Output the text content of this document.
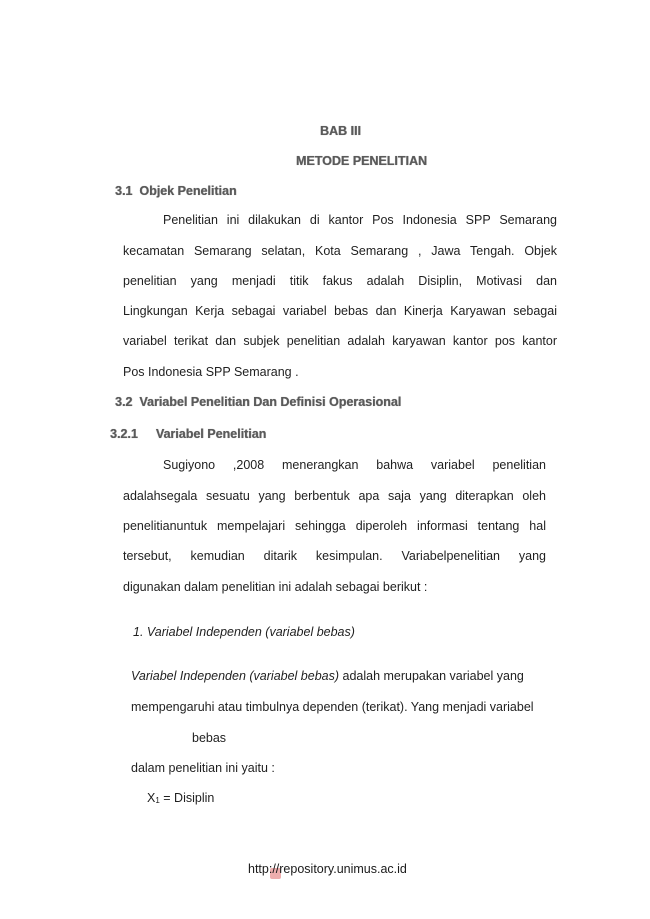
BAB III
METODE PENELITIAN
3.1 Objek Penelitian
Penelitian ini dilakukan di kantor Pos Indonesia SPP Semarang
kecamatan Semarang selatan, Kota Semarang , Jawa Tengah. Objek
penelitian yang menjadi titik fakus adalah Disiplin, Motivasi dan
Lingkungan Kerja sebagai variabel bebas dan Kinerja Karyawan sebagai
variabel terikat dan subjek penelitian adalah karyawan kantor pos kantor
Pos Indonesia SPP Semarang .
3.2 Variabel Penelitian Dan Definisi Operasional
3.2.1 Variabel Penelitian
Sugiyono ,2008 menerangkan bahwa variabel penelitian
adalahsegala sesuatu yang berbentuk apa saja yang diterapkan oleh
penelitianuntuk mempelajari sehingga diperoleh informasi tentang hal
tersebut, kemudian ditarik kesimpulan. Variabelpenelitian yang
digunakan dalam penelitian ini adalah sebagai berikut :
1. Variabel Independen (variabel bebas)
Variabel Independen (variabel bebas) adalah merupakan variabel yang
mempengaruhi atau timbulnya dependen (terikat). Yang menjadi variabel
bebas
dalam penelitian ini yaitu :
X1 = Disiplin
http://repository.unimus.ac.id
